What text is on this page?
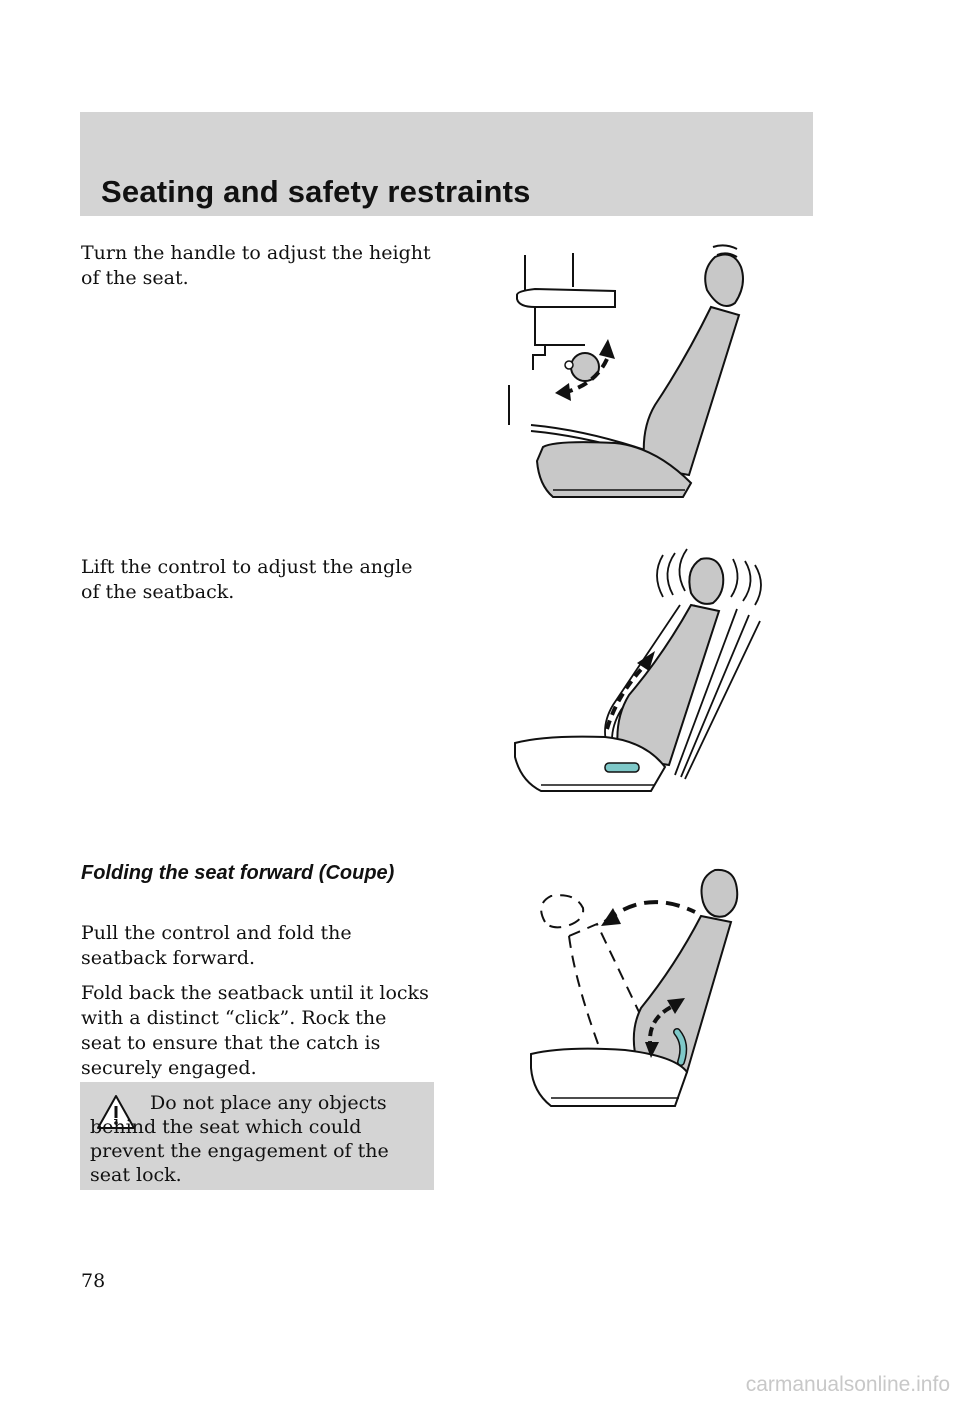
Seating and safety restraints

Turn the handle to adjust the height of the seat.

Lift the control to adjust the angle of the seatback.

Folding the seat forward (Coupe)

Pull the control and fold the seatback forward.

Fold back the seatback until it locks with a distinct “click”. Rock the seat to ensure that the catch is securely engaged.

Do not place any objects behind the seat which could prevent the engagement of the seat lock.

78
carmanualsonline.info
